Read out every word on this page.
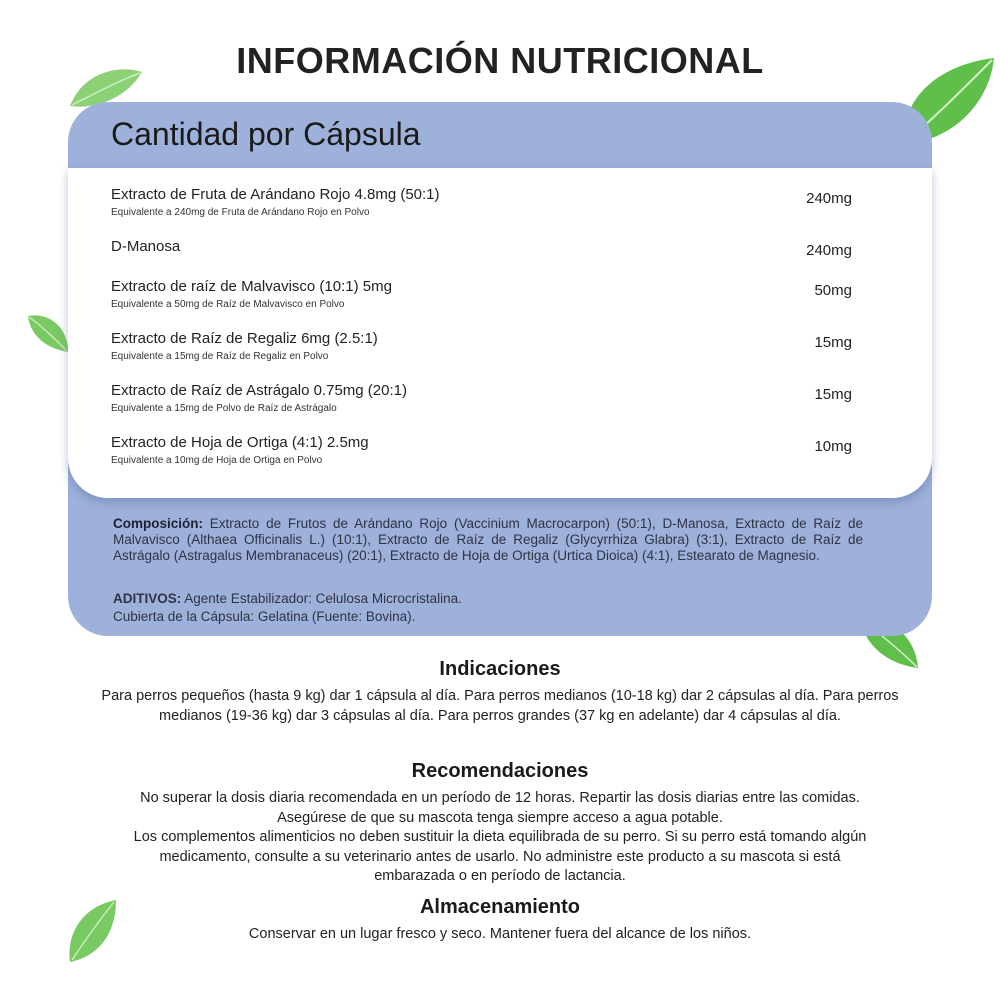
INFORMACIÓN NUTRICIONAL
Cantidad por Cápsula
Extracto de Fruta de Arándano Rojo 4.8mg (50:1)
Equivalente a 240mg de Fruta de Arándano Rojo en Polvo
240mg
D-Manosa	240mg
Extracto de raíz de Malvavisco (10:1) 5mg
Equivalente a 50mg de Raíz de Malvavisco en Polvo
50mg
Extracto de Raíz de Regaliz 6mg (2.5:1)
Equivalente a 15mg de Raíz de Regaliz en Polvo
15mg
Extracto de Raíz de Astrágalo 0.75mg (20:1)
Equivalente a 15mg de Polvo de Raíz de Astrágalo
15mg
Extracto de Hoja de Ortiga (4:1) 2.5mg
Equivalente a 10mg de Hoja de Ortiga en Polvo
10mg
Composición: Extracto de Frutos de Arándano Rojo (Vaccinium Macrocarpon) (50:1), D-Manosa, Extracto de Raíz de Malvavisco (Althaea Officinalis L.) (10:1), Extracto de Raíz de Regaliz (Glycyrrhiza Glabra) (3:1), Extracto de Raíz de Astrágalo (Astragalus Membranaceus) (20:1), Extracto de Hoja de Ortiga (Urtica Dioica) (4:1), Estearato de Magnesio.
ADITIVOS: Agente Estabilizador: Celulosa Microcristalina.
Cubierta de la Cápsula: Gelatina (Fuente: Bovina).
Indicaciones

Para perros pequeños (hasta 9 kg) dar 1 cápsula al día. Para perros medianos (10-18 kg) dar 2 cápsulas al día. Para perros medianos (19-36 kg) dar 3 cápsulas al día. Para perros grandes (37 kg en adelante) dar 4 cápsulas al día.

Recomendaciones

No superar la dosis diaria recomendada en un período de 12 horas. Repartir las dosis diarias entre las comidas. Asegúrese de que su mascota tenga siempre acceso a agua potable.

Los complementos alimenticios no deben sustituir la dieta equilibrada de su perro. Si su perro está tomando algún medicamento, consulte a su veterinario antes de usarlo. No administre este producto a su mascota si está embarazada o en período de lactancia.

Almacenamiento

Conservar en un lugar fresco y seco. Mantener fuera del alcance de los niños.
